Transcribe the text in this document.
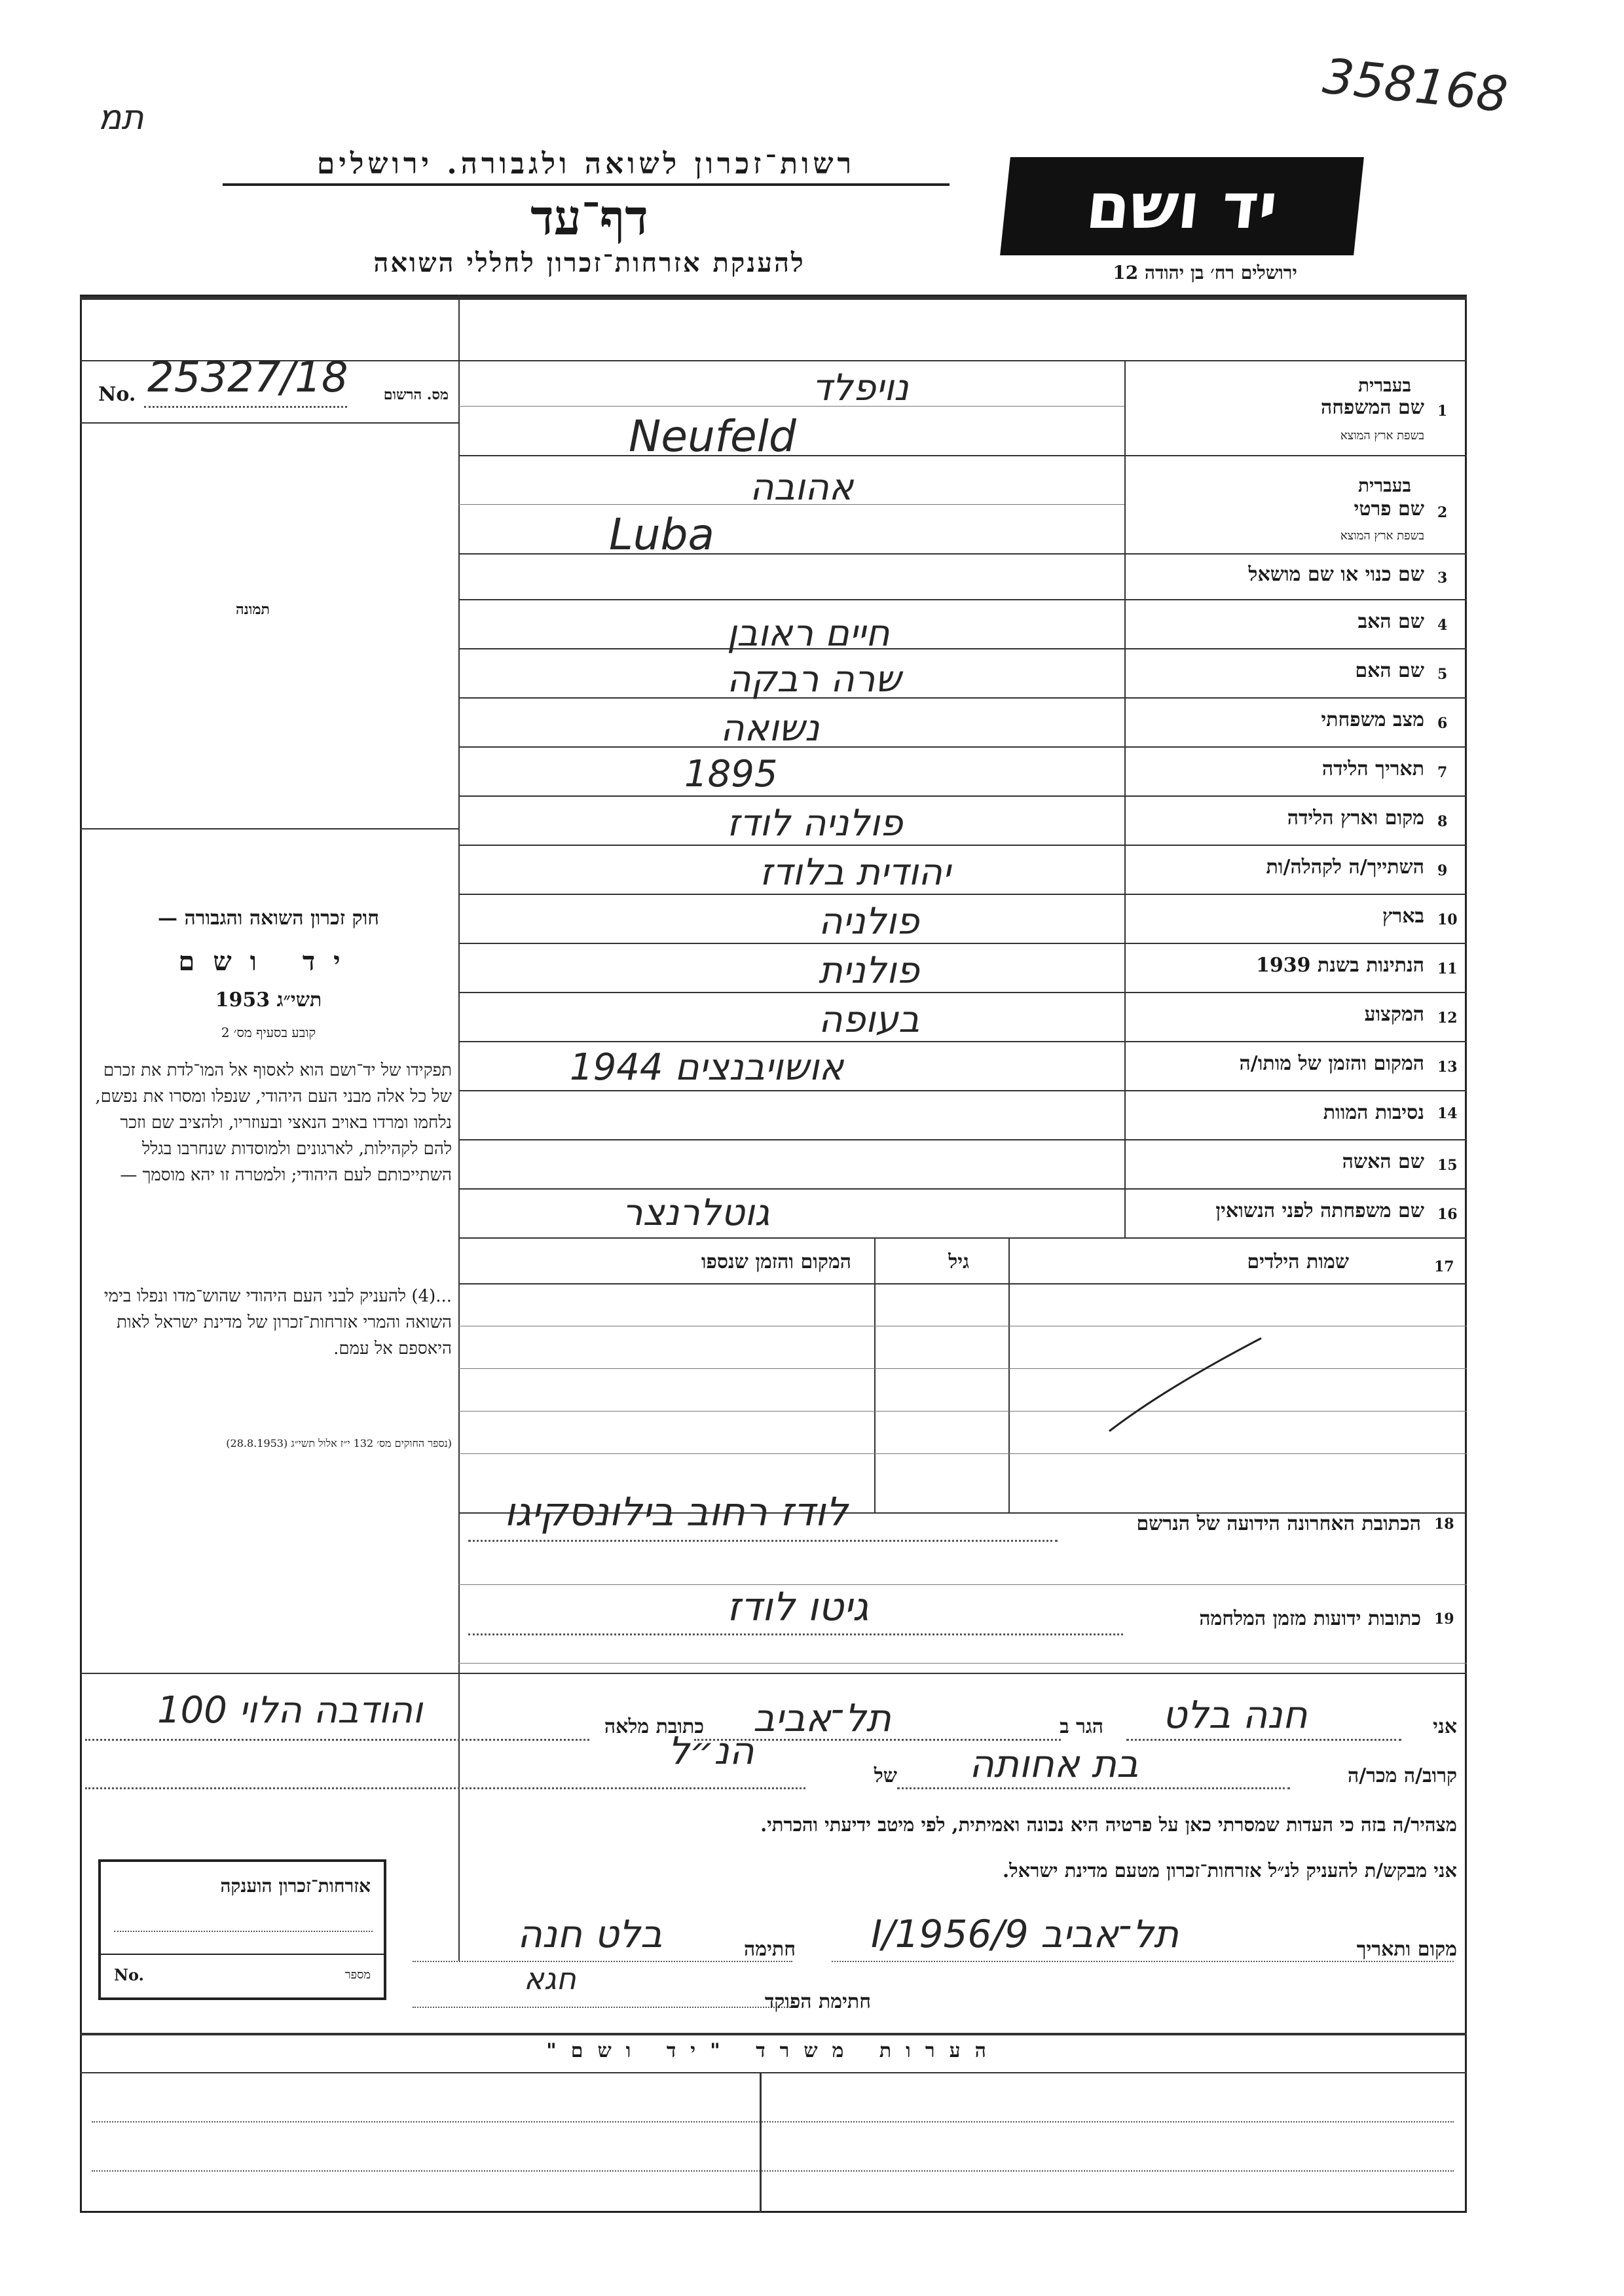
358168
תמ
רשות־זכרון לשואה ולגבורה. ירושלים
דף־עד
להענקת אזרחות־זכרון לחללי השואה
יד ושם
ירושלים רח׳ בן יהודה 12
No. 25327/18	מס. הרשום
תמונה
1
שם המשפחה
בעברית
בשפת ארץ המוצא
נויפלד
Neufeld
2
שם פרטי
בעברית
בשפת ארץ המוצא
אהובה
Luba
3
שם כנוי או שם מושאל
4
שם האב
חיים ראובן
5
שם האם
שרה רבקה
6
מצב משפחתי
נשואה
7
תאריך הלידה
1895
8
מקום וארץ הלידה
פולניה לודז
9
השתייך/ה לקהלה/ות
יהודית בלודז
10
בארץ
פולניה
11
הנתינות בשנת 1939
פולנית
12
המקצוע
בעופה
13
המקום והזמן של מותו/ה
אושויבנצים 1944
14
נסיבות המוות
15
שם האשה
16
שם משפחתה לפני הנשואין
גוטלרנצר
17
שמות הילדים
גיל
המקום והזמן שנספו
חוק זכרון השואה והגבורה —
יד ושם
תשי״ג 1953
קובע בסעיף מס׳ 2
תפקידו של יד־ושם הוא לאסוף אל המו־לדת את זכרם של כל אלה מבני העם היהודי, שנפלו ומסרו את נפשם, נלחמו ומרדו באויב הנאצי ובעוזריו, ולהציב שם וזכר להם לקהילות, לארגונים ולמוסדות שנחרבו בגלל השתייכותם לעם היהודי; ולמטרה זו יהא מוסמך —
...(4) להעניק לבני העם היהודי שהוש־מדו ונפלו בימי השואה והמרי אזרחות־זכרון של מדינת ישראל לאות היאספם אל עמם.
(נספר החוקים מס׳ 132 י״ז אלול תשי״ג (28.8.1953)
18
הכתובת האחרונה הידועה של הנרשם
לודז רחוב בילונסקיגו
19
כתובות ידועות מזמן המלחמה
גיטו לודז
אני
חנה בלט
הגר ב
תל־אביב
כתובת מלאה
והודבה הלוי 100
קרוב/ה מכר/ה
בת אחותה
של
הנ״ל
מצהיר/ה בזה כי העדות שמסרתי כאן על פרטיה היא נכונה ואמיתית, לפי מיטב ידיעתי והכרתי.
אני מבקש/ת להעניק לנ״ל אזרחות־זכרון מטעם מדינת ישראל.
מקום ותאריך
תל־אביב 9/I/1956
חתימה
בלט חנה
חגא
חתימת הפוקד
אזרחות־זכרון הוענקה
No.	מספר
הערות משרד "יד ושם"
